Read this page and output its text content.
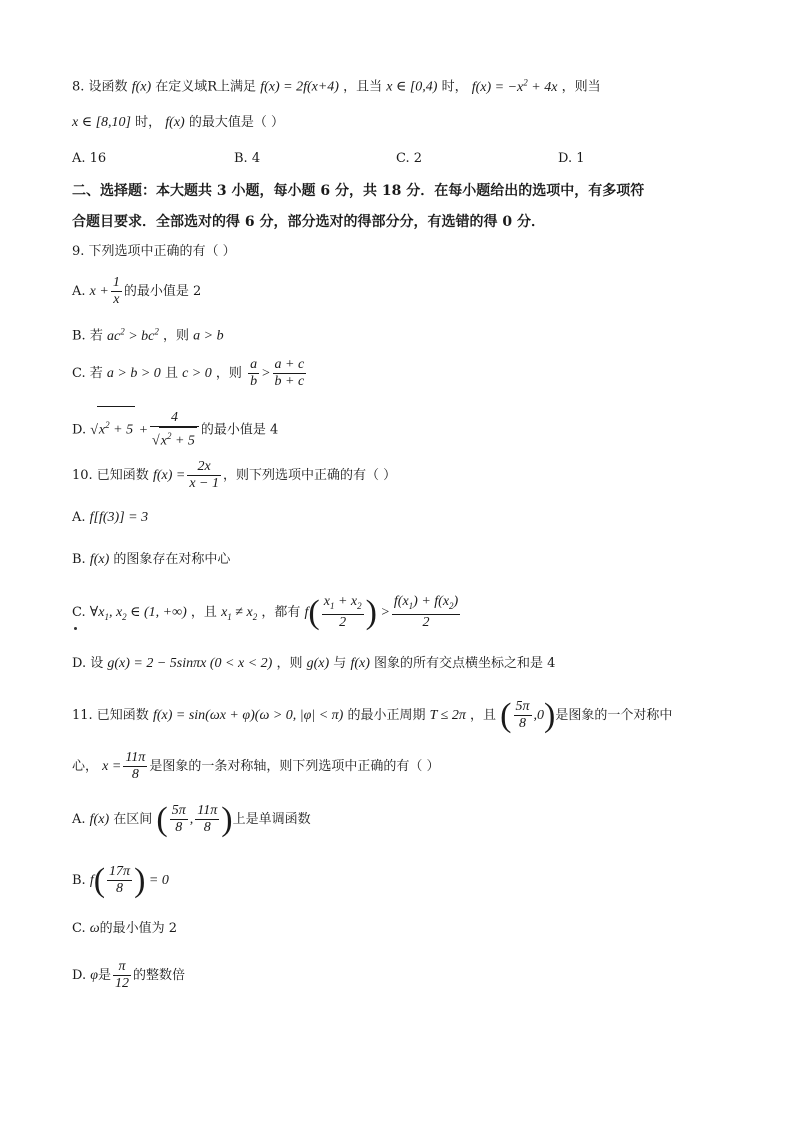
8. 设函数 f(x) 在定义域R上满足 f(x) = 2f(x+4) ，且当 x ∈ [0,4) 时， $f(x) = -x^2 + 4x$ ，则当
x ∈ [8,10] 时， f(x) 的最大值是（ ）
A. 16	B. 4	C. 2	D. 1
二、选择题：本大题共 3 小题，每小题 6 分，共 18 分．在每小题给出的选项中，有多项符
合题目要求．全部选对的得 6 分，部分选对的得部分分，有选错的得 0 分．
9. 下列选项中正确的有（ ）
A. $x + \frac{1}{x}$ 的最小值是 2
B. 若 $ac^2 > bc^2$ ，则 a > b
C. 若 a > b > 0 且 c > 0 ，则 $\frac{a}{b} > \frac{a + c}{b + c}$
D. $√x^2 + 5 + \frac{4}{√x^2 + 5}$ 的最小值是 4
10. 已知函数 $f(x) = \frac{2x}{x - 1}$ ，则下列选项中正确的有（ ）
A. f[f(3)] = 3
B. f(x) 的图象存在对称中心
C. $\forall x_1$, $x_2$ ∈ (1, +∞) ，且 $x_1 \ne x_2$ ，都有 $f( \frac{x_1 + x_2}{2}$ ) > $\frac{f(x_1) + f(x_2)}{2}$
D. 设 g(x) = 2 − 5sinπx (0 < x < 2) ，则 g(x) 与 f(x) 图象的所有交点横坐标之和是 4
11. 已知函数 f(x) = sin(ωx + φ)(ω > 0, |φ| < π) 的最小正周期 T ≤ 2π ，且 ( $\frac{5\pi}{8} ,0$)是图象的一个对称中
心， $x = \frac{11\pi}{8}$ 是图象的一条对称轴，则下列选项中正确的有（ ）
A. f(x) 在区间 ( $\frac{5\pi}{8}$ , $\frac{11\pi}{8}$ )上是单调函数
B. $f( \frac{17\pi}{8}$ ) = 0
C. ω的最小值为 2
D. φ是 $\frac{\pi}{12}$ 的整数倍
